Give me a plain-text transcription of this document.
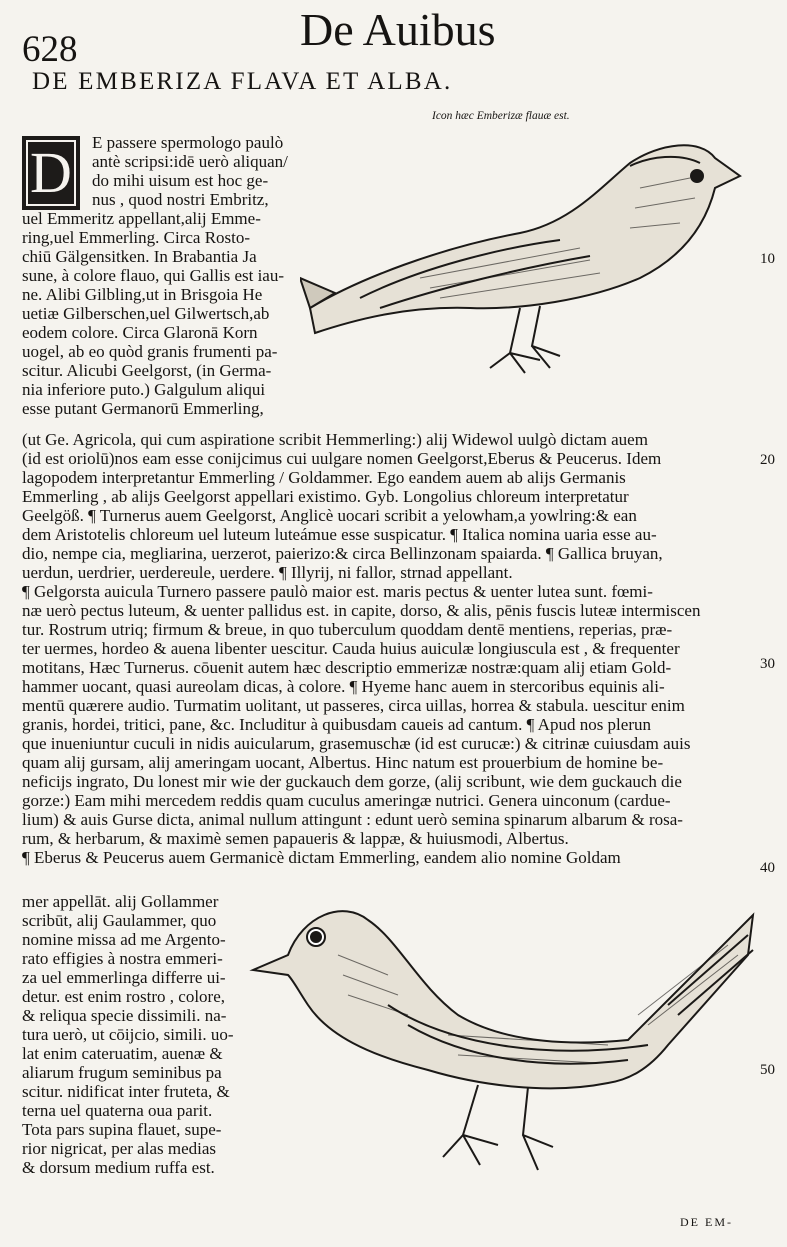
628	De Auibus
DE EMBERIZA FLAVA ET ALBA.
Icon hæc Emberizæ flauæ est.
D	E passere spermologo paulò
antè scripsi:idē uerò aliquan/
do mihi uisum est hoc ge-
nus , quod nostri Embritz,
uel Emmeritz appellant,alij Emme-
ring,uel Emmerling. Circa Rosto-
chiū Gälgensitken. In Brabantia Ja
sune, à colore flauo, qui Gallis est iau-
ne. Alibi Gilbling,ut in Brisgoia He
uetiæ Gilberschen,uel Gilwertsch,ab
eodem colore. Circa Glaronā Korn
uogel, ab eo quòd granis frumenti pa-
scitur. Alicubi Geelgorst, (in Germa-
nia inferiore puto.) Galgulum aliqui
esse putant Germanorū Emmerling,
(ut Ge. Agricola, qui cum aspiratione scribit Hemmerling:) alij Widewol uulgò dictam auem
(id est oriolū)nos eam esse conijcimus cui uulgare nomen Geelgorst,Eberus & Peucerus. Idem
lagopodem interpretantur Emmerling / Goldammer. Ego eandem auem ab alijs Germanis
Emmerling , ab alijs Geelgorst appellari existimo. Gyb. Longolius chloreum interpretatur
Geelgöß. ¶ Turnerus auem Geelgorst, Anglicè uocari scribit a yelowham,a yowlring:& ean
dem Aristotelis chloreum uel luteum luteámue esse suspicatur. ¶ Italica nomina uaria esse au-
dio, nempe cia, megliarina, uerzerot, paierizo:& circa Bellinzonam spaiarda. ¶ Gallica bruyan,
uerdun, uerdrier, uerdereule, uerdere. ¶ Illyrij, ni fallor, strnad appellant.
¶ Gelgorsta auicula Turnero passere paulò maior est. maris pectus & uenter lutea sunt. fœmi-
næ uerò pectus luteum, & uenter pallidus est. in capite, dorso, & alis, pēnis fuscis luteæ intermiscen
tur. Rostrum utriq; firmum & breue, in quo tuberculum quoddam dentē mentiens, reperias, præ-
ter uermes, hordeo & auena libenter uescitur. Cauda huius auiculæ longiuscula est , & frequenter
motitans, Hæc Turnerus. cōuenit autem hæc descriptio emmerizæ nostræ:quam alij etiam Gold-
hammer uocant, quasi aureolam dicas, à colore. ¶ Hyeme hanc auem in stercoribus equinis ali-
mentū quærere audio. Turmatim uolitant, ut passeres, circa uillas, horrea & stabula. uescitur enim
granis, hordei, tritici, pane, &c. Includitur à quibusdam caueis ad cantum. ¶ Apud nos plerun
que inueniuntur cuculi in nidis auicularum, grasemuschæ (id est curucæ:) & citrinæ cuiusdam auis
quam alij gursam, alij ameringam uocant, Albertus. Hinc natum est prouerbium de homine be-
neficijs ingrato, Du lonest mir wie der guckauch dem gorze, (alij scribunt, wie dem guckauch die
gorze:) Eam mihi mercedem reddis quam cuculus ameringæ nutrici. Genera uinconum (cardue-
lium) & auis Gurse dicta, animal nullum attingunt : edunt uerò semina spinarum albarum & rosa-
rum, & herbarum, & maximè semen papaueris & lappæ, & huiusmodi, Albertus.
¶ Eberus & Peucerus auem Germanicè dictam Emmerling, eandem alio nomine Goldam
mer appellāt. alij Gollammer
scribūt, alij Gaulammer, quo
nomine missa ad me Argento-
rato effigies à nostra emmeri-
za uel emmerlinga differre ui-
detur. est enim rostro , colore,
& reliqua specie dissimili. na-
tura uerò, ut cōijcio, simili. uo-
lat enim cateruatim, auenæ &
aliarum frugum seminibus pa
scitur. nidificat inter fruteta, &
terna uel quaterna oua parit.
Tota pars supina flauet, supe-
rior nigricat, per alas medias
& dorsum medium ruffa est.
10
20
30
40
50
DE EM-
